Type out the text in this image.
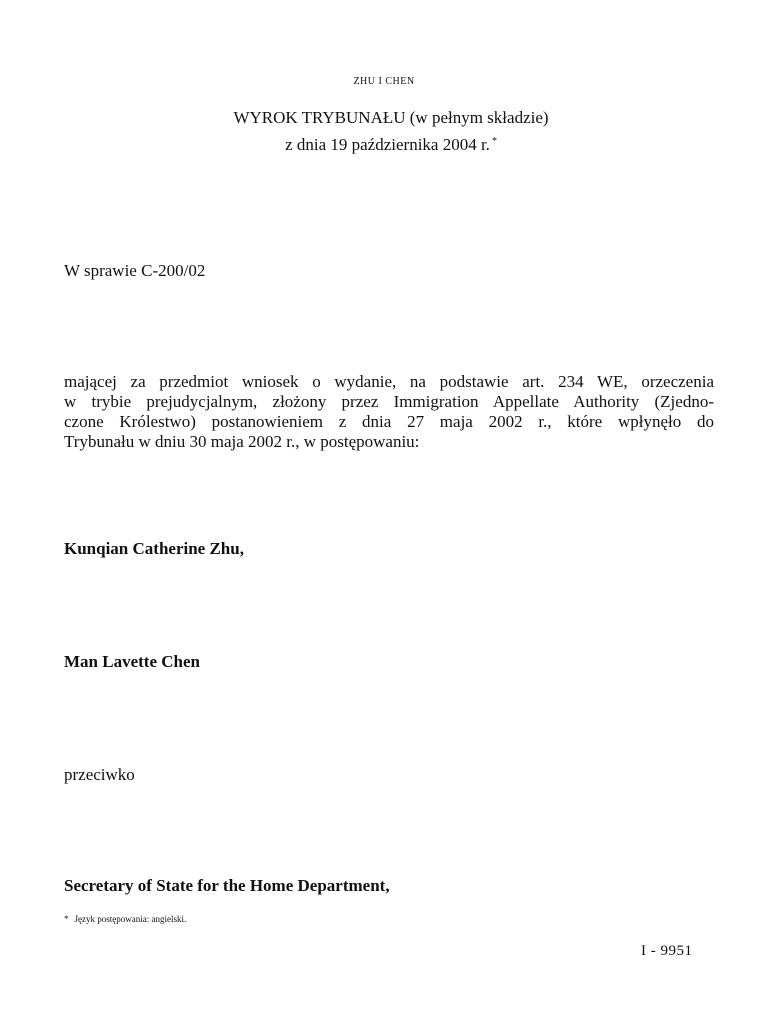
ZHU I CHEN
WYROK TRYBUNAŁU (w pełnym składzie)
z dnia 19 października 2004 r. *
W sprawie C-200/02
mającej za przedmiot wniosek o wydanie, na podstawie art. 234 WE, orzeczenia
w trybie prejudycjalnym, złożony przez Immigration Appellate Authority (Zjedno-
czone Królestwo) postanowieniem z dnia 27 maja 2002 r., które wpłynęło do
Trybunału w dniu 30 maja 2002 r., w postępowaniu:
Kunqian Catherine Zhu,
Man Lavette Chen
przeciwko
Secretary of State for the Home Department,
* Język postępowania: angielski.
I - 9951
